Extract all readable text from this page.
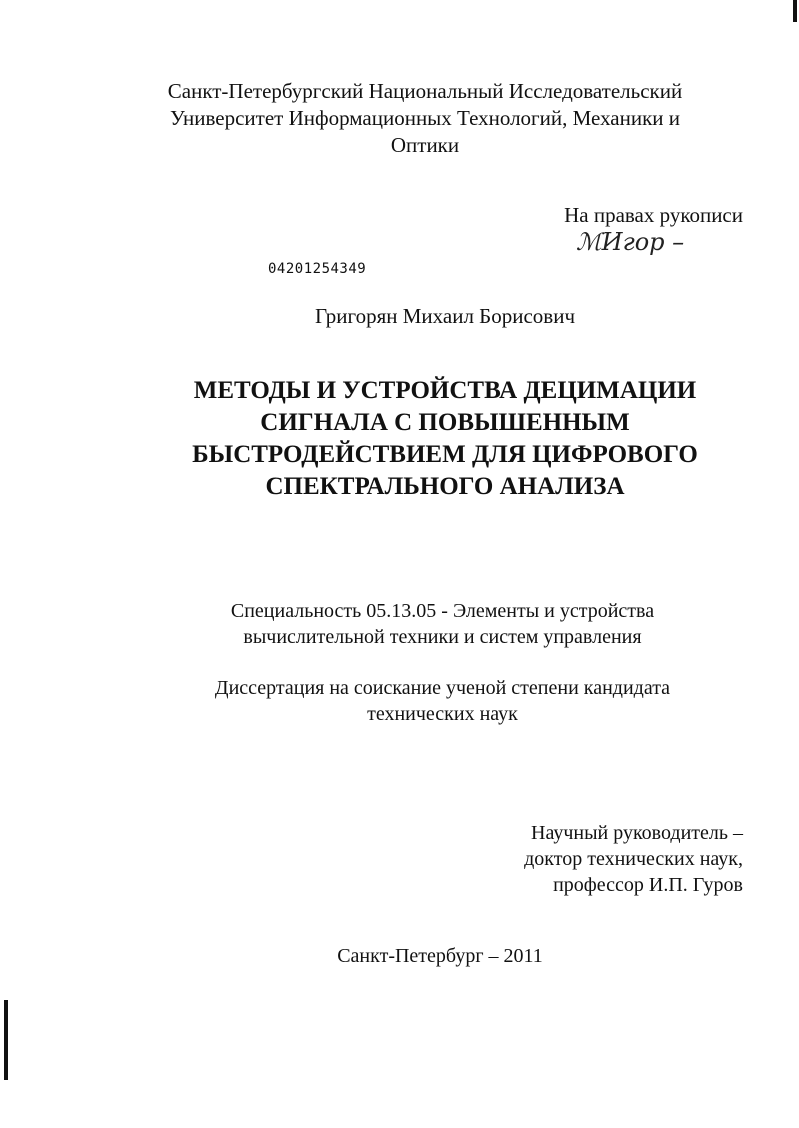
Санкт-Петербургский Национальный Исследовательский
Университет Информационных Технологий, Механики и
Оптики
На правах рукописи
ℳИгор –
04201254349
Григорян Михаил Борисович
МЕТОДЫ И УСТРОЙСТВА ДЕЦИМАЦИИ
СИГНАЛА С ПОВЫШЕННЫМ
БЫСТРОДЕЙСТВИЕМ ДЛЯ ЦИФРОВОГО
СПЕКТРАЛЬНОГО АНАЛИЗА
Специальность 05.13.05 - Элементы и устройства
вычислительной техники и систем управления
Диссертация на соискание ученой степени кандидата
технических наук
Научный руководитель –
доктор технических наук,
профессор И.П. Гуров
Санкт-Петербург – 2011
